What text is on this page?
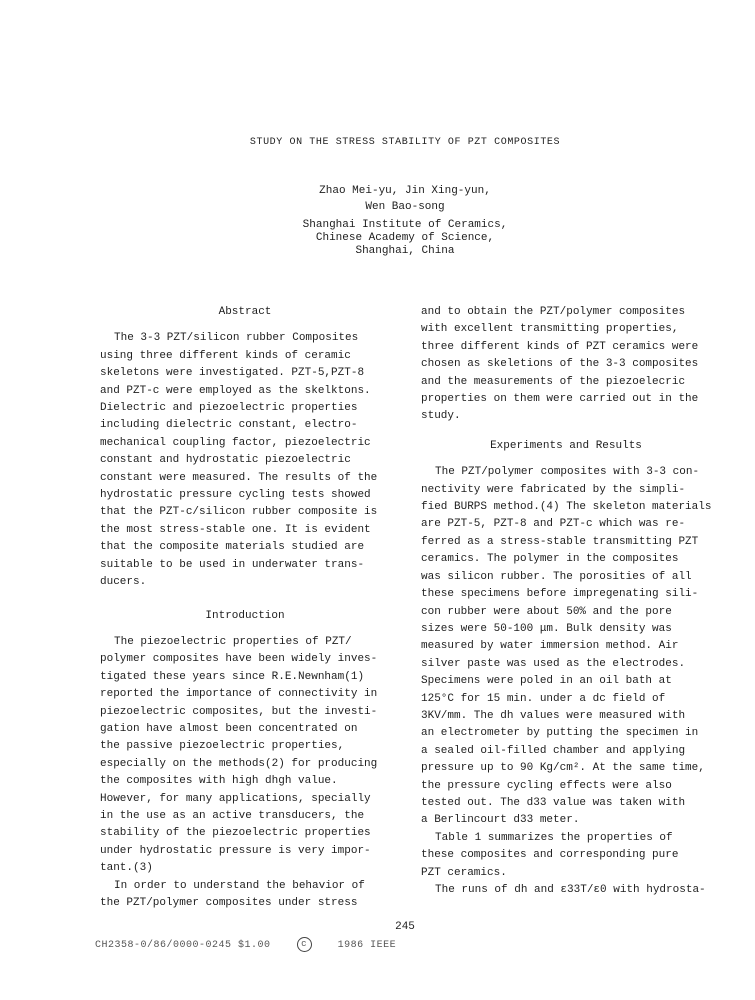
STUDY ON THE STRESS STABILITY OF PZT COMPOSITES
Zhao Mei-yu, Jin Xing-yun,
Wen Bao-song
Shanghai Institute of Ceramics,
Chinese Academy of Science,
Shanghai, China
Abstract
The 3-3 PZT/silicon rubber Composites
using three different kinds of ceramic
skeletons were investigated. PZT-5,PZT-8
and PZT-c were employed as the skelktons.
Dielectric and piezoelectric properties
including dielectric constant, electro-
mechanical coupling factor, piezoelectric
constant and hydrostatic piezoelectric
constant were measured. The results of the
hydrostatic pressure cycling tests showed
that the PZT-c/silicon rubber composite is
the most stress-stable one. It is evident
that the composite materials studied are
suitable to be used in underwater trans-
ducers.
Introduction
The piezoelectric properties of PZT/
polymer composites have been widely inves-
tigated these years since R.E.Newnham(1)
reported the importance of connectivity in
piezoelectric composites, but the investi-
gation have almost been concentrated on
the passive piezoelectric properties,
especially on the methods(2) for producing
the composites with high dhgh value.
However, for many applications, specially
in the use as an active transducers, the
stability of the piezoelectric properties
under hydrostatic pressure is very impor-
tant.(3)
In order to understand the behavior of
the PZT/polymer composites under stress
and to obtain the PZT/polymer composites
with excellent transmitting properties,
three different kinds of PZT ceramics were
chosen as skeletions of the 3-3 composites
and the measurements of the piezoelecric
properties on them were carried out in the
study.
Experiments and Results
The PZT/polymer composites with 3-3 con-
nectivity were fabricated by the simpli-
fied BURPS method.(4) The skeleton materials
are PZT-5, PZT-8 and PZT-c which was re-
ferred as a stress-stable transmitting PZT
ceramics. The polymer in the composites
was silicon rubber. The porosities of all
these specimens before impregenating sili-
con rubber were about 50% and the pore
sizes were 50-100 μm. Bulk density was
measured by water immersion method. Air
silver paste was used as the electrodes.
Specimens were poled in an oil bath at
125°C for 15 min. under a dc field of
3KV/mm. The dh values were measured with
an electrometer by putting the specimen in
a sealed oil-filled chamber and applying
pressure up to 90 Kg/cm². At the same time,
the pressure cycling effects were also
tested out. The d33 value was taken with
a Berlincourt d33 meter.
Table 1 summarizes the properties of
these composites and corresponding pure
PZT ceramics.
The runs of dh and ε33T/ε0 with hydrosta-
245
CH2358-0/86/0000-0245 $1.00	c	1986 IEEE
